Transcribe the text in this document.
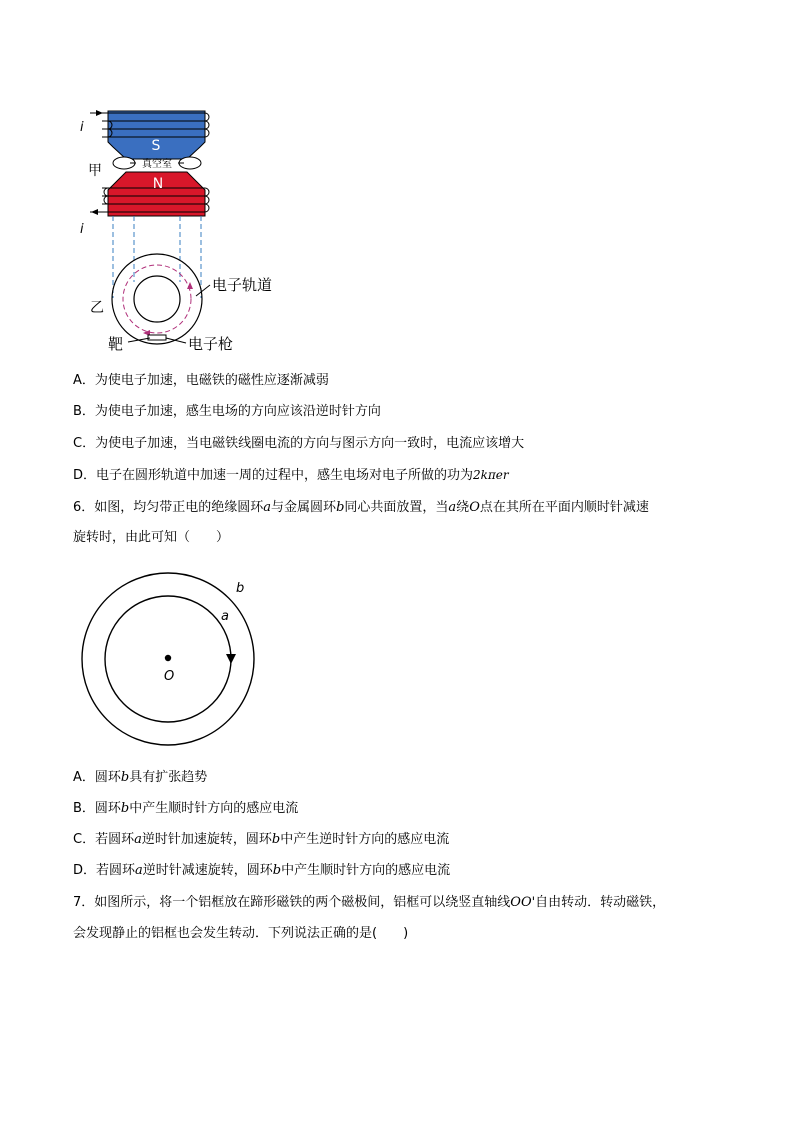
i
S
真空室
甲
N
i
电子轨道
乙
靶	电子枪
A．为使电子加速，电磁铁的磁性应逐渐减弱
B．为使电子加速，感生电场的方向应该沿逆时针方向
C．为使电子加速，当电磁铁线圈电流的方向与图示方向一致时，电流应该增大
D．电子在圆形轨道中加速一周的过程中，感生电场对电子所做的功为2kπer
6．如图，均匀带正电的绝缘圆环a与金属圆环b同心共面放置，当a绕O点在其所在平面内顺时针减速
旋转时，由此可知（　　）
b
a
O
A．圆环b具有扩张趋势
B．圆环b中产生顺时针方向的感应电流
C．若圆环a逆时针加速旋转，圆环b中产生逆时针方向的感应电流
D．若圆环a逆时针减速旋转，圆环b中产生顺时针方向的感应电流
7．如图所示，将一个铝框放在蹄形磁铁的两个磁极间，铝框可以绕竖直轴线OO'自由转动．转动磁铁，
会发现静止的铝框也会发生转动．下列说法正确的是(　　)
